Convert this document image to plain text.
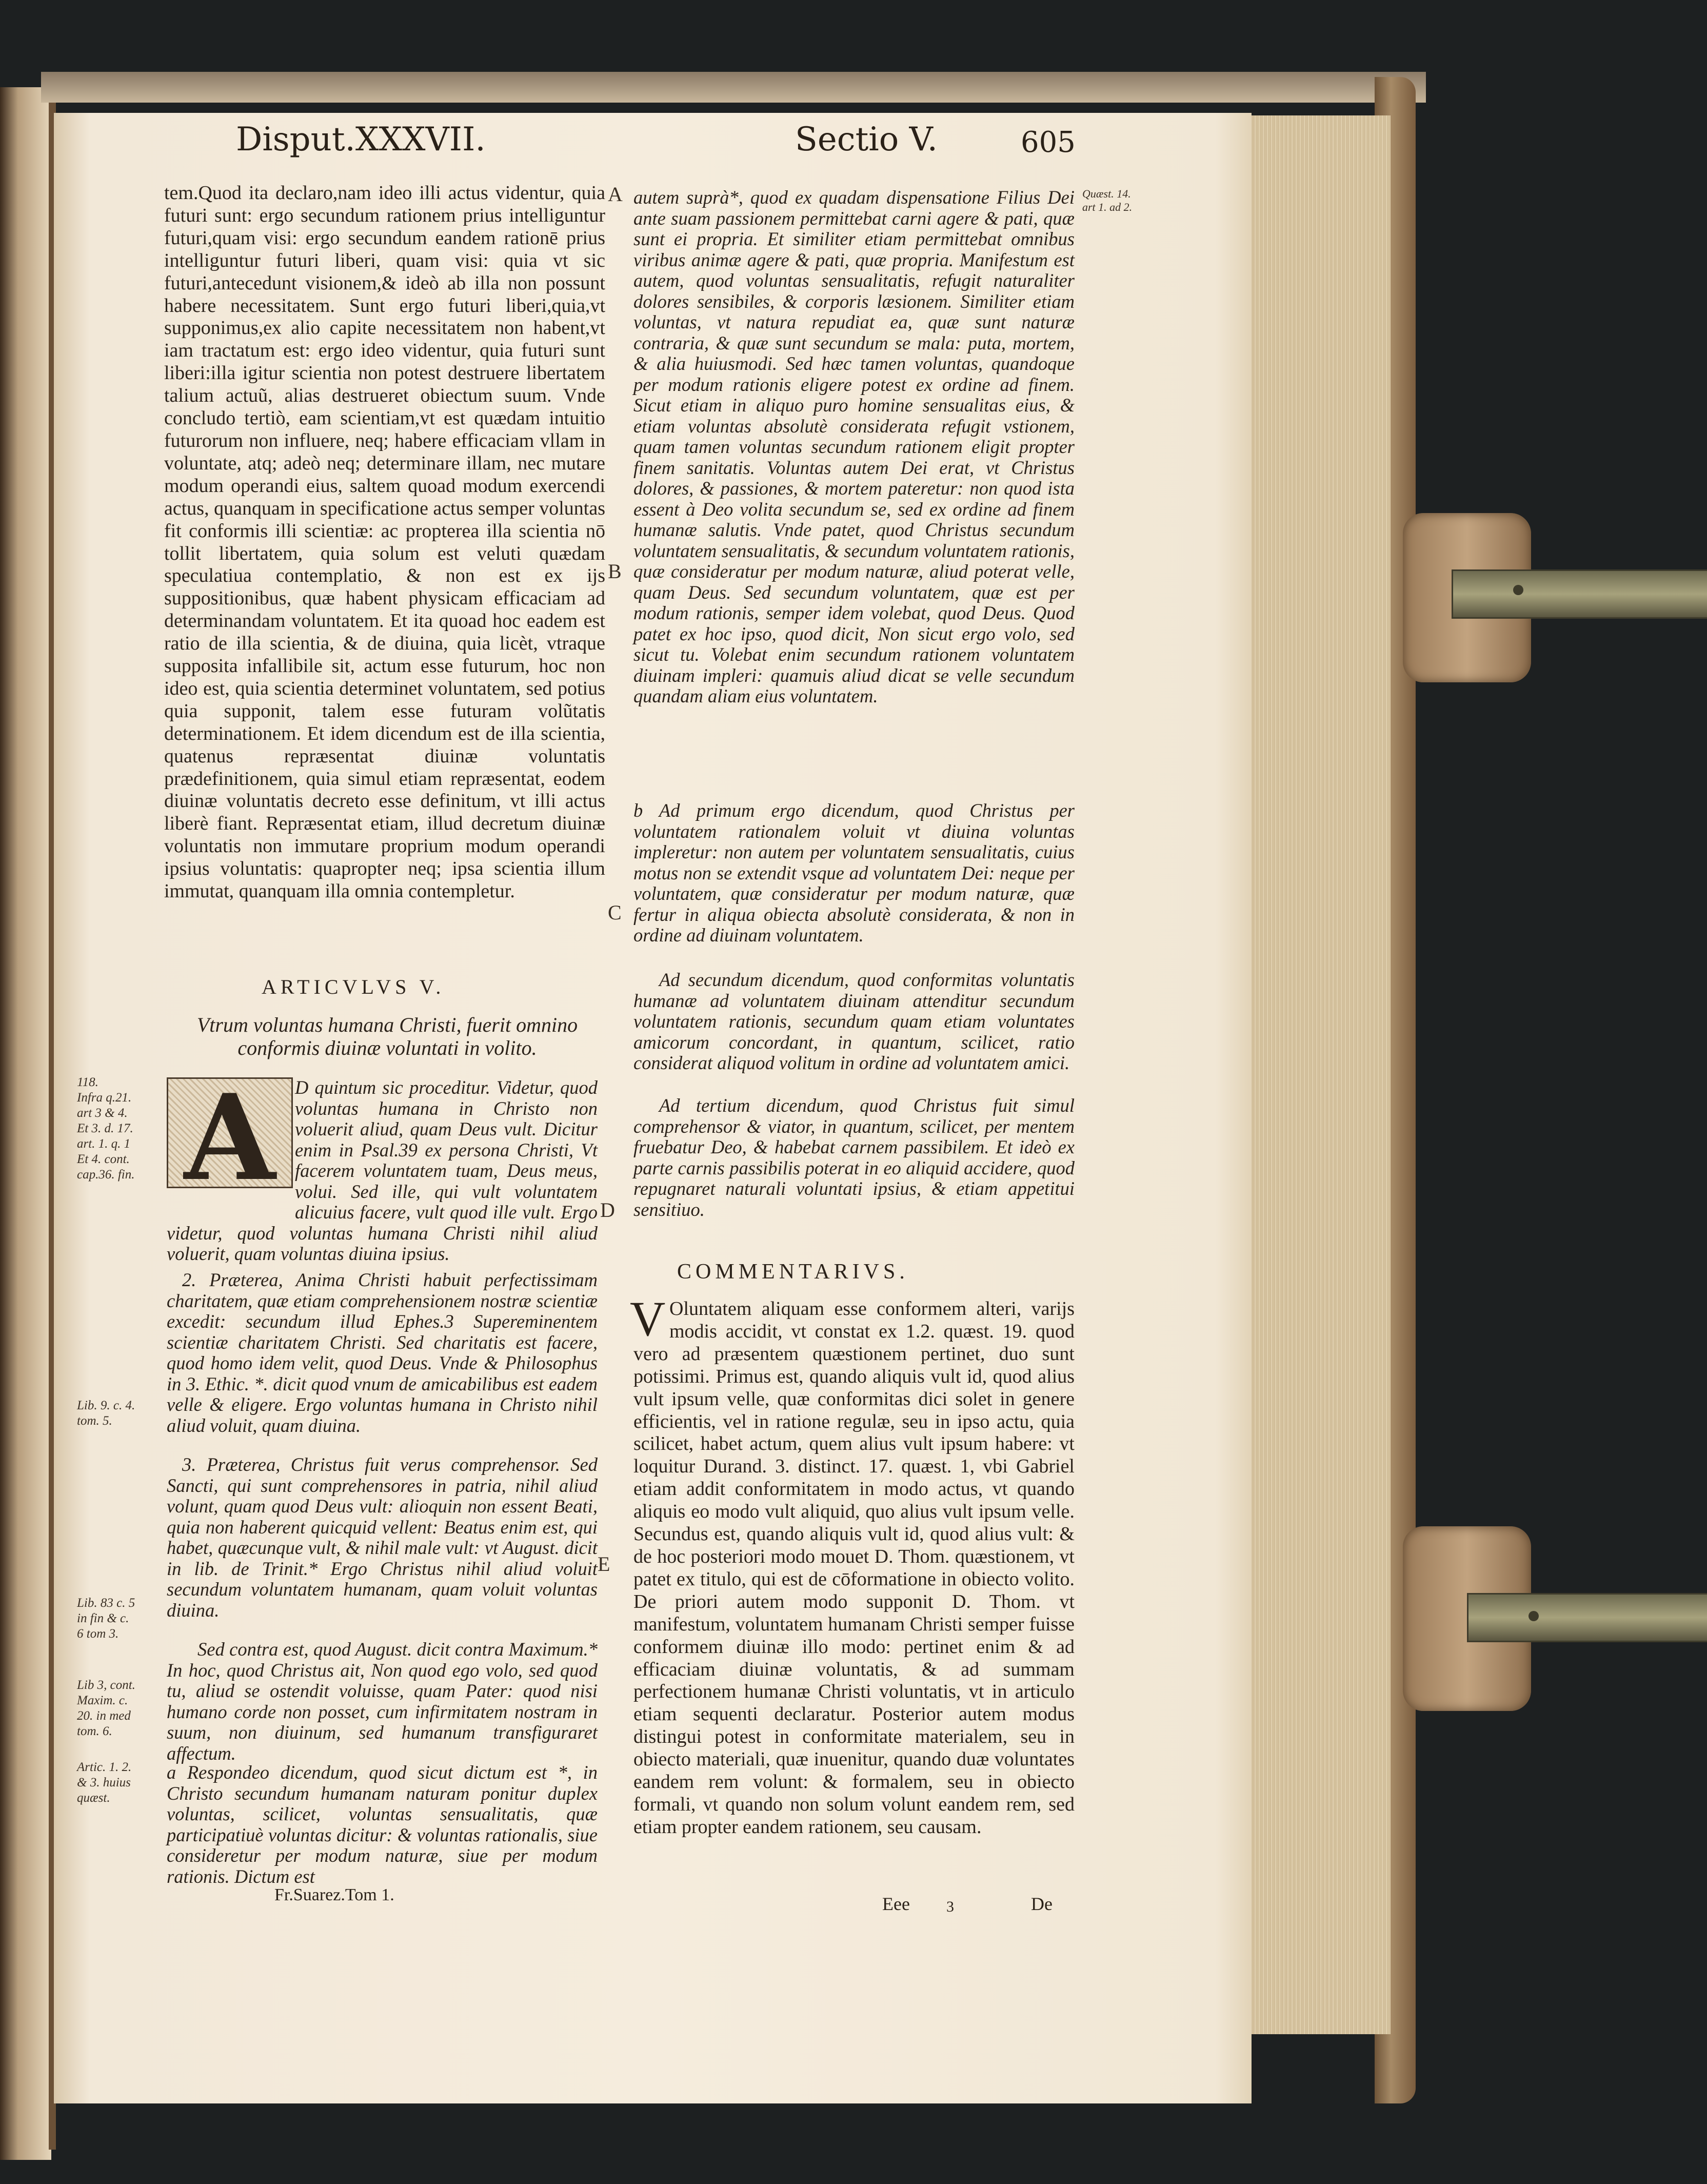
Disput.XXXVII.	Sectio V.	605
A
B
C
D
E

tem.Quod ita declaro,nam ideo illi actus videntur, quia futuri sunt: ergo secundum rationem prius intelliguntur futuri,quam visi: ergo secundum eandem rationē prius intelliguntur futuri liberi, quam visi: quia vt sic futuri,antecedunt visionem,& ideò ab illa non possunt habere necessitatem. Sunt ergo futuri liberi,quia,vt supponimus,ex alio capite necessitatem non habent,vt iam tractatum est: ergo ideo videntur, quia futuri sunt liberi:illa igitur scientia non potest destruere libertatem talium actuũ, alias destrueret obiectum suum. Vnde concludo tertiò, eam scientiam,vt est quædam intuitio futurorum non influere, neq; habere efficaciam vllam in voluntate, atq; adeò neq; determinare illam, nec mutare modum operandi eius, saltem quoad modum exercendi actus, quanquam in specificatione actus semper voluntas fit conformis illi scientiæ: ac propterea illa scientia nō tollit libertatem, quia solum est veluti quædam speculatiua contemplatio, & non est ex ijs suppositionibus, quæ habent physicam efficaciam ad determinandam voluntatem. Et ita quoad hoc eadem est ratio de illa scientia, & de diuina, quia licèt, vtraque supposita infallibile sit, actum esse futurum, hoc non ideo est, quia scientia determinet voluntatem, sed potius quia supponit, talem esse futuram volũtatis determinationem. Et idem dicendum est de illa scientia, quatenus repræsentat diuinæ voluntatis prædefinitionem, quia simul etiam repræsentat, eodem diuinæ voluntatis decreto esse definitum, vt illi actus liberè fiant. Repræsentat etiam, illud decretum diuinæ voluntatis non immutare proprium modum operandi ipsius voluntatis: quapropter neq; ipsa scientia illum immutat, quanquam illa omnia contempletur.

ARTICVLVS V.

Vtrum voluntas humana Christi, fuerit omnino conformis diuinæ voluntati in volito.

A	D quintum sic proceditur. Videtur, quod voluntas humana in Christo non voluerit aliud, quam Deus vult. Dicitur enim in Psal.39 ex persona Christi, Vt facerem voluntatem tuam, Deus meus, volui. Sed ille, qui vult voluntatem alicuius facere, vult quod ille vult. Ergo videtur, quod voluntas humana Christi nihil aliud voluerit, quam voluntas diuina ipsius.

2. Præterea, Anima Christi habuit perfectissimam charitatem, quæ etiam comprehensionem nostræ scientiæ excedit: secundum illud Ephes.3 Supereminentem scientiæ charitatem Christi. Sed charitatis est facere, quod homo idem velit, quod Deus. Vnde & Philosophus in 3. Ethic. *. dicit quod vnum de amicabilibus est eadem velle & eligere. Ergo voluntas humana in Christo nihil aliud voluit, quam diuina.

3. Præterea, Christus fuit verus comprehensor. Sed Sancti, qui sunt comprehensores in patria, nihil aliud volunt, quam quod Deus vult: alioquin non essent Beati, quia non haberent quicquid vellent: Beatus enim est, qui habet, quæcunque vult, & nihil male vult: vt August. dicit in lib. de Trinit.* Ergo Christus nihil aliud voluit secundum voluntatem humanam, quam voluit voluntas diuina.

Sed contra est, quod August. dicit contra Maximum.* In hoc, quod Christus ait, Non quod ego volo, sed quod tu, aliud se ostendit voluisse, quam Pater: quod nisi humano corde non posset, cum infirmitatem nostram in suum, non diuinum, sed humanum transfiguraret affectum.

a Respondeo dicendum, quod sicut dictum est *, in Christo secundum humanam naturam ponitur duplex voluntas, scilicet, voluntas sensualitatis, quæ participatiuè voluntas dicitur: & voluntas rationalis, siue consideretur per modum naturæ, siue per modum rationis. Dictum est

Fr.Suarez.Tom 1.
118.
Infra q.21.
art 3 & 4.
Et 3. d. 17.
art. 1. q. 1
Et 4. cont.
cap.36. fin.
Lib. 9. c. 4.
tom. 5.
Lib. 83 c. 5
in fin & c.
6 tom 3.
Lib 3, cont.
Maxim. c.
20. in med
tom. 6.
Artic. 1. 2.
& 3. huius
quæst.
Quæst. 14.
art 1. ad 2.

autem suprà*, quod ex quadam dispensatione Filius Dei ante suam passionem permittebat carni agere & pati, quæ sunt ei propria. Et similiter etiam permittebat omnibus viribus animæ agere & pati, quæ propria. Manifestum est autem, quod voluntas sensualitatis, refugit naturaliter dolores sensibiles, & corporis læsionem. Similiter etiam voluntas, vt natura repudiat ea, quæ sunt naturæ contraria, & quæ sunt secundum se mala: puta, mortem, & alia huiusmodi. Sed hæc tamen voluntas, quandoque per modum rationis eligere potest ex ordine ad finem. Sicut etiam in aliquo puro homine sensualitas eius, & etiam voluntas absolutè considerata refugit vstionem, quam tamen voluntas secundum rationem eligit propter finem sanitatis. Voluntas autem Dei erat, vt Christus dolores, & passiones, & mortem pateretur: non quod ista essent à Deo volita secundum se, sed ex ordine ad finem humanæ salutis. Vnde patet, quod Christus secundum voluntatem sensualitatis, & secundum voluntatem rationis, quæ consideratur per modum naturæ, aliud poterat velle, quam Deus. Sed secundum voluntatem, quæ est per modum rationis, semper idem volebat, quod Deus. Quod patet ex hoc ipso, quod dicit, Non sicut ergo volo, sed sicut tu. Volebat enim secundum rationem voluntatem diuinam impleri: quamuis aliud dicat se velle secundum quandam aliam eius voluntatem.

b Ad primum ergo dicendum, quod Christus per voluntatem rationalem voluit vt diuina voluntas impleretur: non autem per voluntatem sensualitatis, cuius motus non se extendit vsque ad voluntatem Dei: neque per voluntatem, quæ consideratur per modum naturæ, quæ fertur in aliqua obiecta absolutè considerata, & non in ordine ad diuinam voluntatem.

Ad secundum dicendum, quod conformitas voluntatis humanæ ad voluntatem diuinam attenditur secundum voluntatem rationis, secundum quam etiam voluntates amicorum concordant, in quantum, scilicet, ratio considerat aliquod volitum in ordine ad voluntatem amici.

Ad tertium dicendum, quod Christus fuit simul comprehensor & viator, in quantum, scilicet, per mentem fruebatur Deo, & habebat carnem passibilem. Et ideò ex parte carnis passibilis poterat in eo aliquid accidere, quod repugnaret naturali voluntati ipsius, & etiam appetitui sensitiuo.

COMMENTARIVS.
V Oluntatem aliquam esse conformem alteri, varijs modis accidit, vt constat ex 1.2. quæst. 19. quod vero ad præsentem quæstionem pertinet, duo sunt potissimi. Primus est, quando aliquis vult id, quod alius vult ipsum velle, quæ conformitas dici solet in genere efficientis, vel in ratione regulæ, seu in ipso actu, quia scilicet, habet actum, quem alius vult ipsum habere: vt loquitur Durand. 3. distinct. 17. quæst. 1, vbi Gabriel etiam addit conformitatem in modo actus, vt quando aliquis eo modo vult aliquid, quo alius vult ipsum velle. Secundus est, quando aliquis vult id, quod alius vult: & de hoc posteriori modo mouet D. Thom. quæstionem, vt patet ex titulo, qui est de cōformatione in obiecto volito. De priori autem modo supponit D. Thom. vt manifestum, voluntatem humanam Christi semper fuisse conformem diuinæ illo modo: pertinet enim & ad efficaciam diuinæ voluntatis, & ad summam perfectionem humanæ Christi voluntatis, vt in articulo etiam sequenti declaratur. Posterior autem modus distingui potest in conformitate materialem, seu in obiecto materiali, quæ inuenitur, quando duæ voluntates eandem rem volunt: & formalem, seu in obiecto formali, vt quando non solum volunt eandem rem, sed etiam propter eandem rationem, seu causam.

Eee 3	De
